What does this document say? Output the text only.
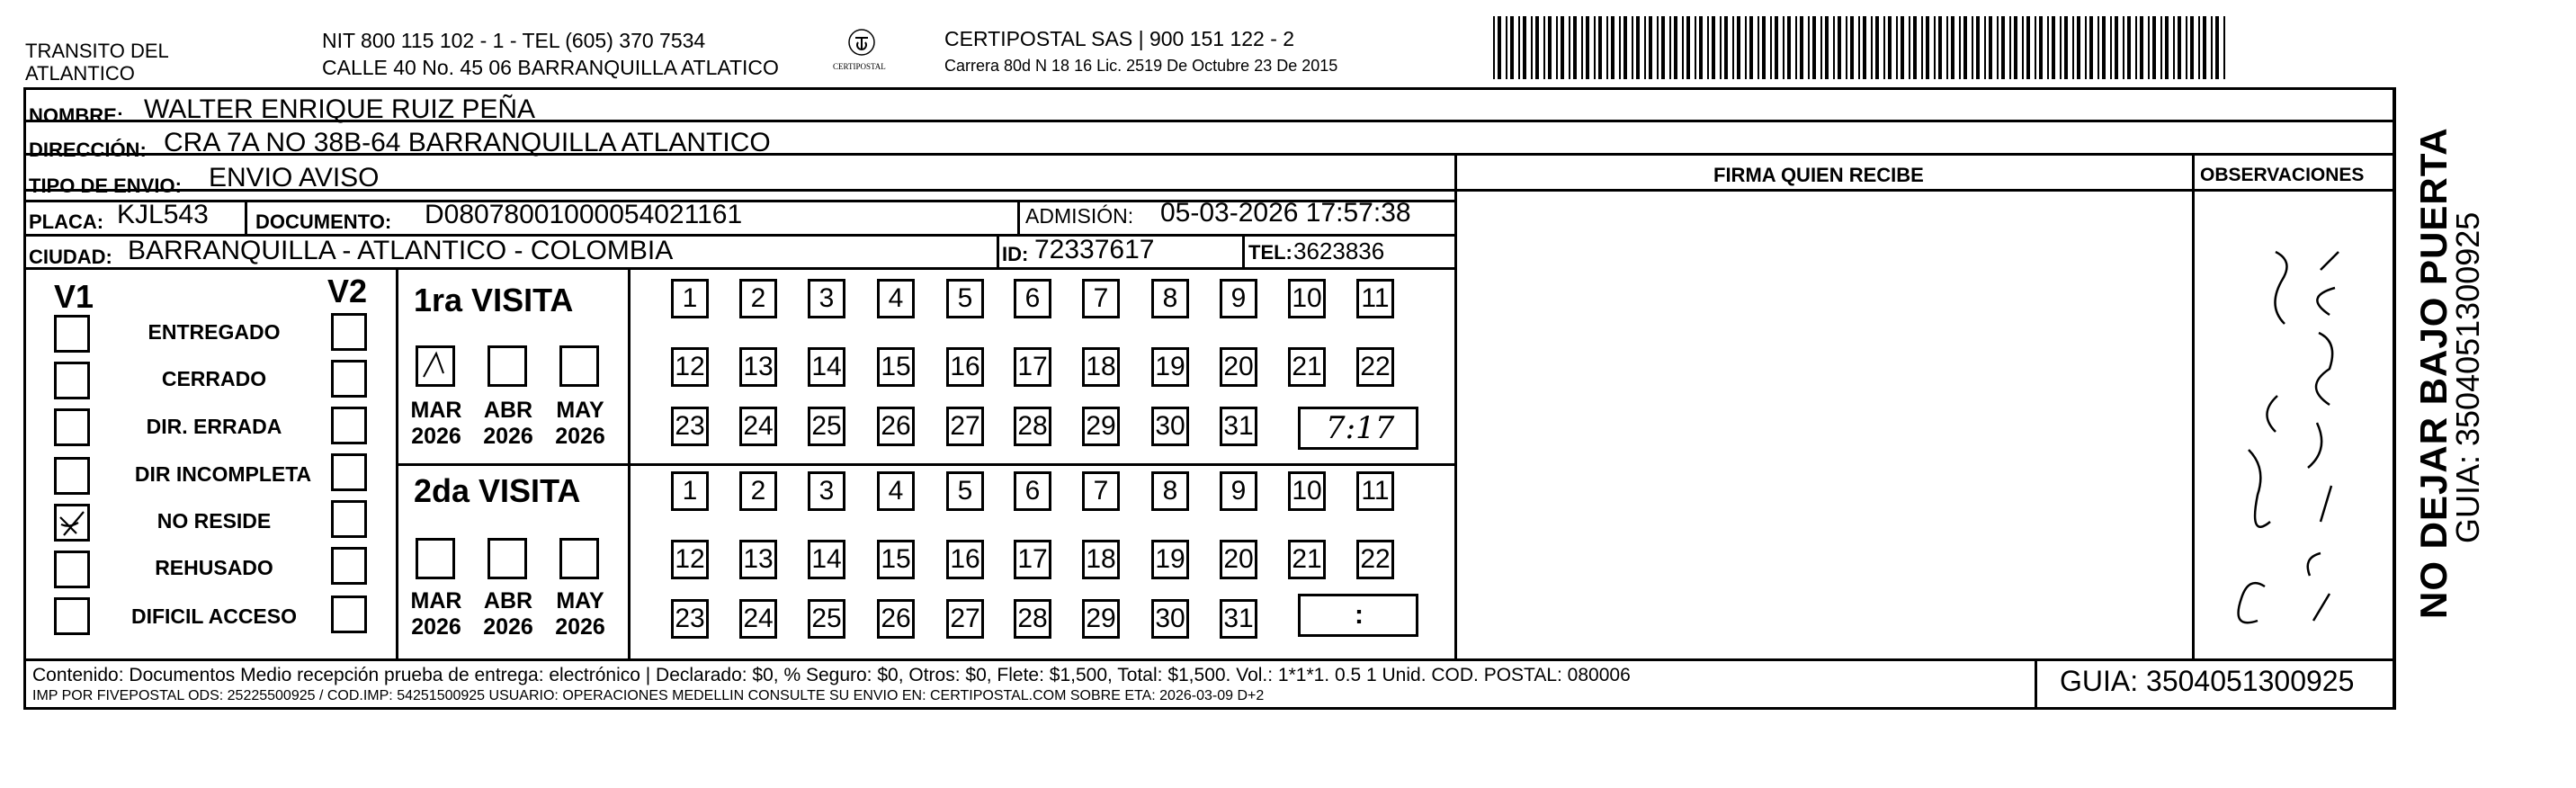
TRANSITO DEL
ATLANTICO
NIT 800 115 102 - 1 - TEL (605) 370 7534
CALLE 40 No. 45 06 BARRANQUILLA ATLATICO	CERTIPOSTAL
CERTIPOSTAL SAS | 900 151 122 - 2
Carrera 80d N 18 16 Lic. 2519 De Octubre 23 De 2015
NOMBRE: WALTER ENRIQUE RUIZ PEÑA
DIRECCIÓN: CRA 7A NO 38B-64 BARRANQUILLA ATLANTICO
TIPO DE ENVIO: ENVIO AVISO	FIRMA QUIEN RECIBE	OBSERVACIONES
PLACA: KJL543 DOCUMENTO: D08078001000054021161	ADMISIÓN: 05-03-2026 17:57:38
CIUDAD: BARRANQUILLA - ATLANTICO - COLOMBIA	ID: 72337617	TEL: 3623836
V1	V2
ENTREGADO
CERRADO
DIR. ERRADA
DIR INCOMPLETA
NO RESIDE
REHUSADO
DIFICIL ACCESO
1ra VISITA
MAR
2026
ABR
2026
MAY
2026
1	2	3	4	5	6	7	8	9	10 11
12 13 14 15 16 17 18 19 20 21 22
23 24 25 26 27 28 29 30 31 7:17
2da VISITA
MAR
2026
ABR
2026
MAY
2026
1	2	3	4	5	6	7	8	9	10 11
12 13 14 15 16 17 18 19 20 21 22
23 24 25 26 27 28 29 30 31	:	NO DEJAR BAJO PUERTA
GUIA: 3504051300925
Contenido: Documentos Medio recepción prueba de entrega: electrónico | Declarado: $0, % Seguro: $0, Otros: $0, Flete: $1,500, Total: $1,500. Vol.: 1*1*1. 0.5 1 Unid. COD. POSTAL: 080006
IMP POR FIVEPOSTAL ODS: 25225500925 / COD.IMP: 54251500925 USUARIO: OPERACIONES MEDELLIN CONSULTE SU ENVIO EN: CERTIPOSTAL.COM SOBRE ETA: 2026-03-09 D+2	GUIA: 3504051300925
